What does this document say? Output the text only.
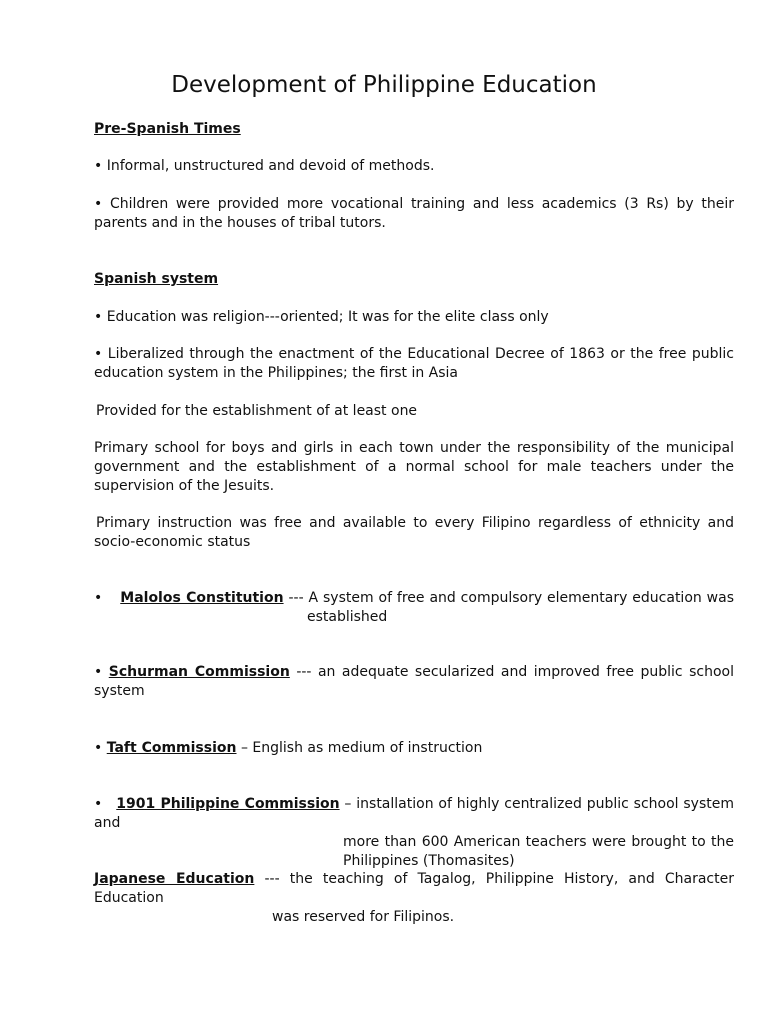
Development of Philippine Education

Pre-Spanish Times

• Informal, unstructured and devoid of methods.

• Children were provided more vocational training and less academics (3 Rs) by their parents and in the houses of tribal tutors.

Spanish system

• Education was religion---oriented; It was for the elite class only

• Liberalized through the enactment of the Educational Decree of 1863 or the free public education system in the Philippines; the first in Asia

Provided for the establishment of at least one

Primary school for boys and girls in each town under the responsibility of the municipal government and the establishment of a normal school for male teachers under the supervision of the Jesuits.

Primary instruction was free and available to every Filipino regardless of ethnicity and socio-economic status

• Malolos Constitution --- A system of free and compulsory elementary education was
established

• Schurman Commission --- an adequate secularized and improved free public school system

• Taft Commission – English as medium of instruction

• 1901 Philippine Commission – installation of highly centralized public school system and
more than 600 American teachers were brought to the Philippines (Thomasites)
Japanese Education --- the teaching of Tagalog, Philippine History, and Character Education
was reserved for Filipinos.
